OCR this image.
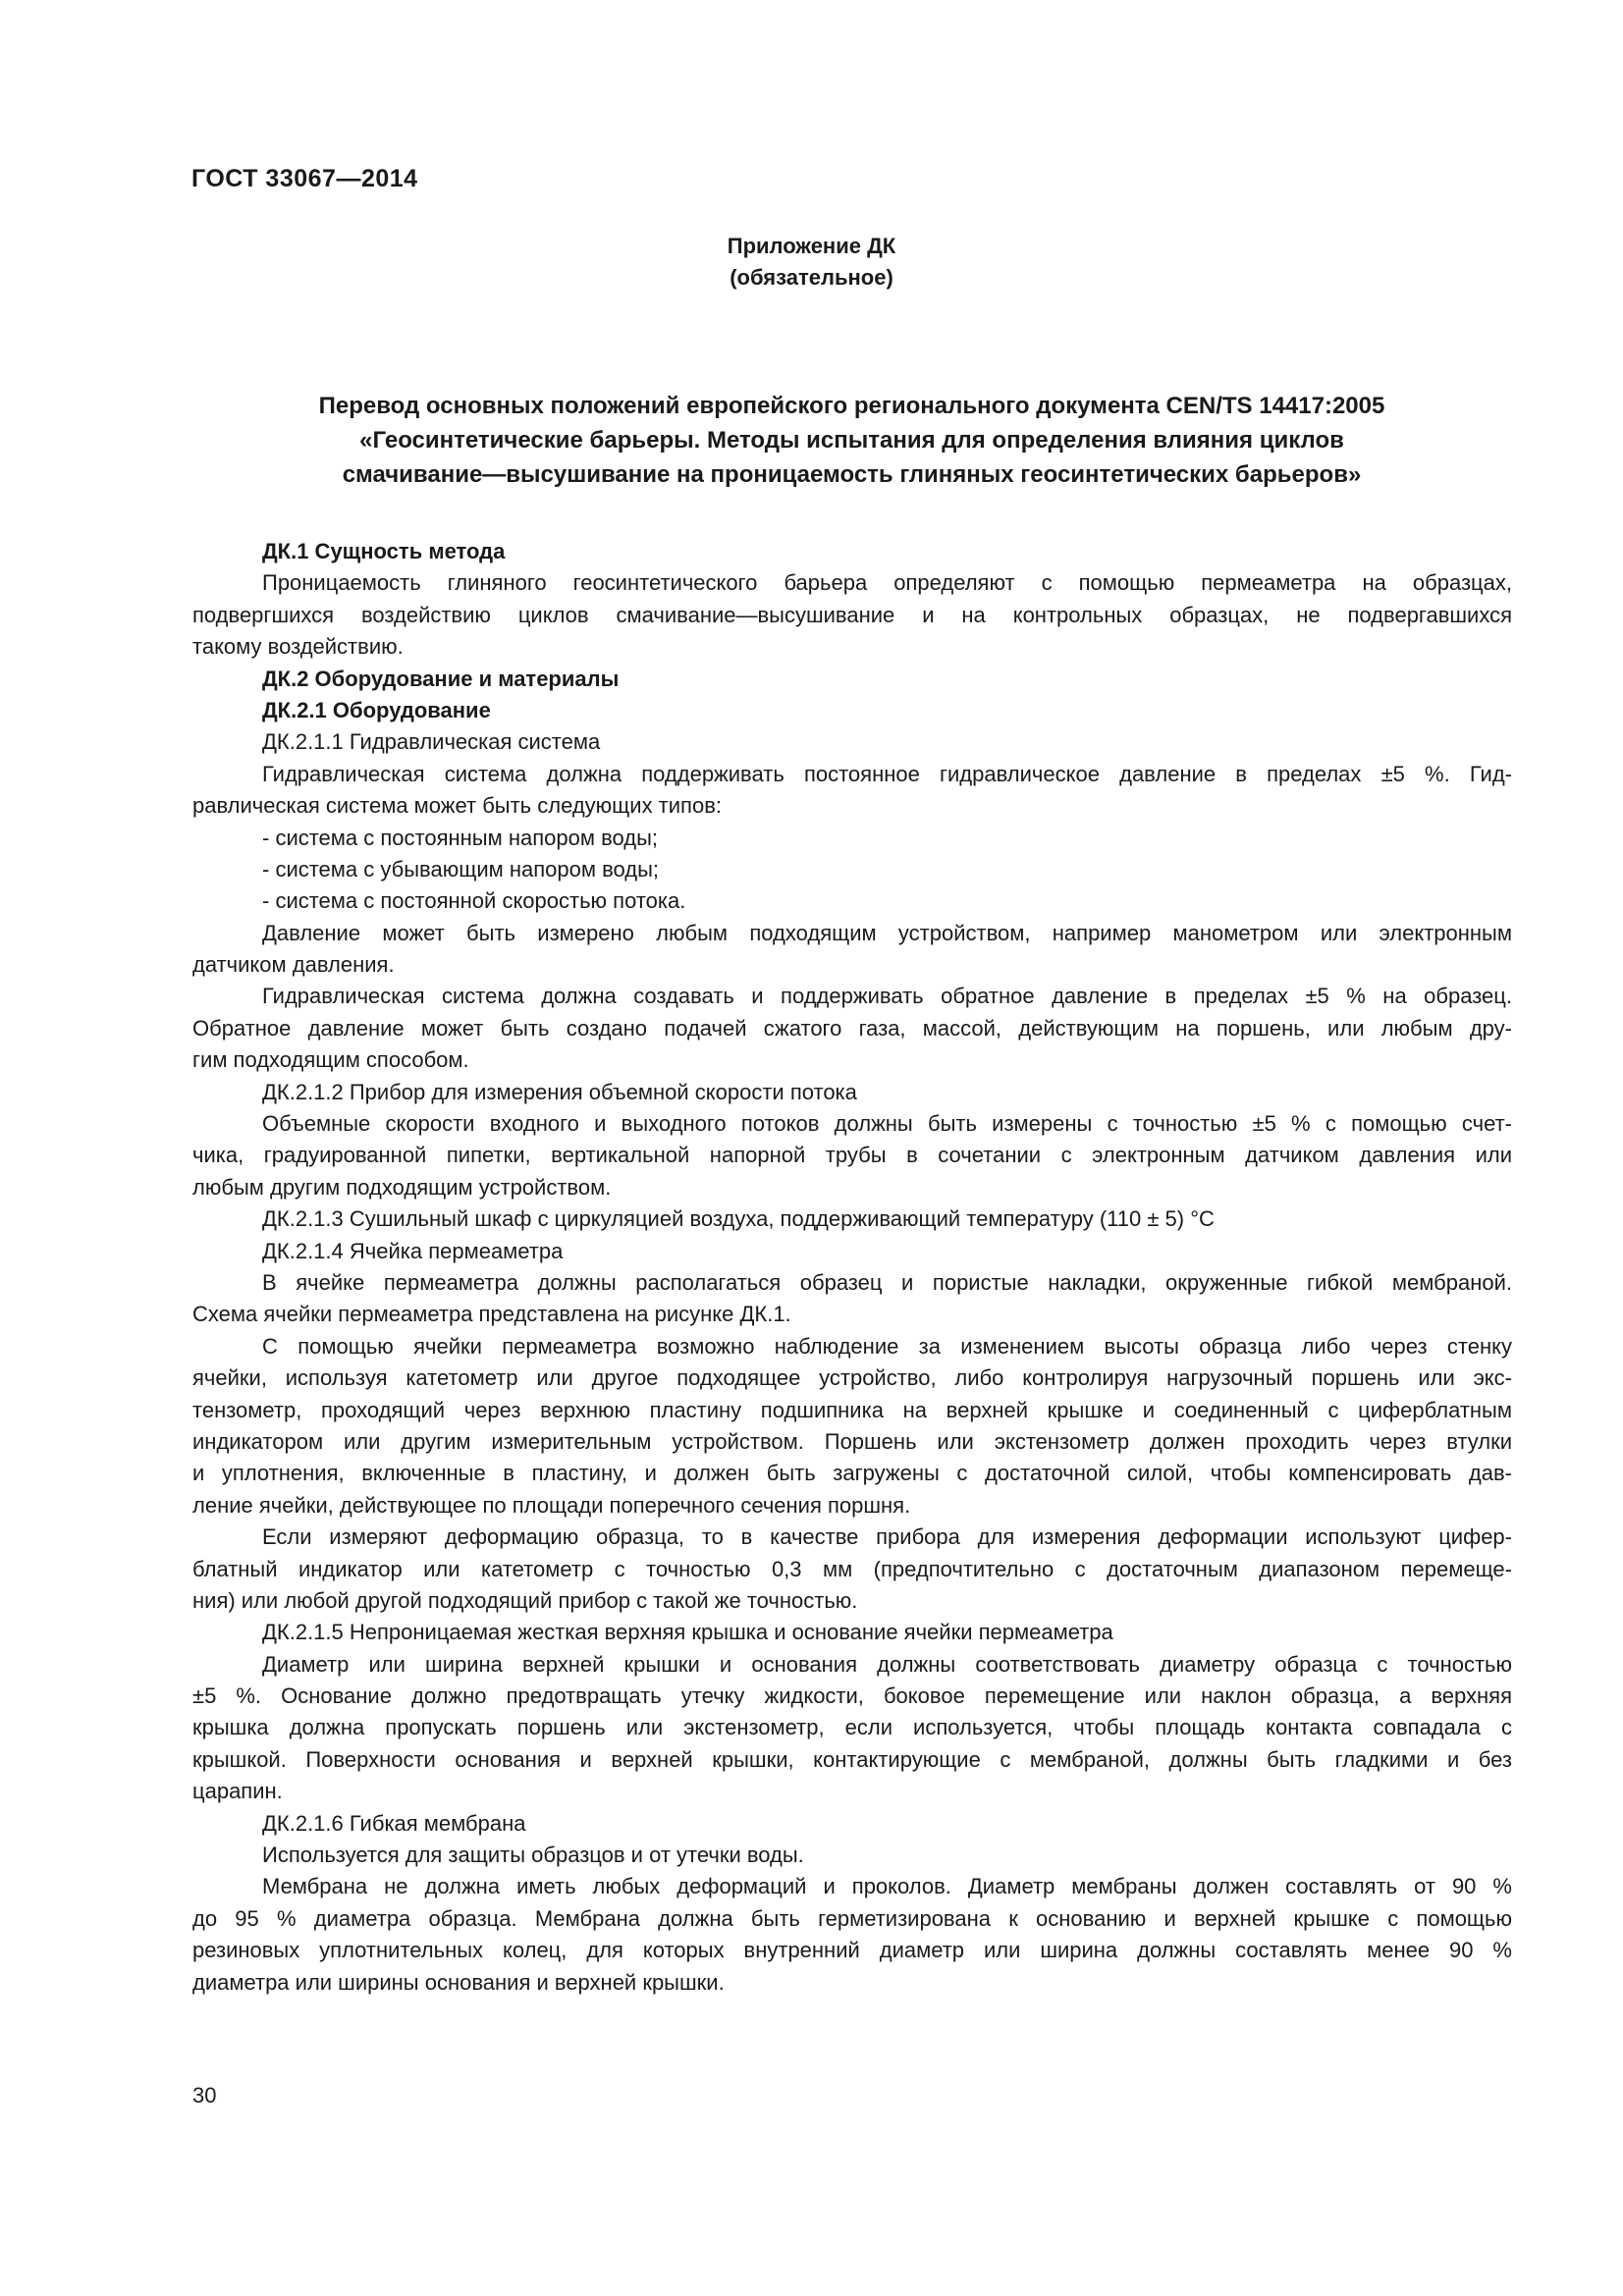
ГОСТ 33067—2014
Приложение ДК
(обязательное)
Перевод основных положений европейского регионального документа CEN/TS 14417:2005
«Геосинтетические барьеры. Методы испытания для определения влияния циклов
смачивание—высушивание на проницаемость глиняных геосинтетических барьеров»
ДК.1 Сущность метода
Проницаемость глиняного геосинтетического барьера определяют с помощью пермеаметра на образцах,
подвергшихся воздействию циклов смачивание—высушивание и на контрольных образцах, не подвергавшихся
такому воздействию.
ДК.2 Оборудование и материалы
ДК.2.1 Оборудование
ДК.2.1.1 Гидравлическая система
Гидравлическая система должна поддерживать постоянное гидравлическое давление в пределах ±5 %. Гид-
равлическая система может быть следующих типов:
- система с постоянным напором воды;
- система с убывающим напором воды;
- система с постоянной скоростью потока.
Давление может быть измерено любым подходящим устройством, например манометром или электронным
датчиком давления.
Гидравлическая система должна создавать и поддерживать обратное давление в пределах ±5 % на образец.
Обратное давление может быть создано подачей сжатого газа, массой, действующим на поршень, или любым дру-
гим подходящим способом.
ДК.2.1.2 Прибор для измерения объемной скорости потока
Объемные скорости входного и выходного потоков должны быть измерены с точностью ±5 % с помощью счет-
чика, градуированной пипетки, вертикальной напорной трубы в сочетании с электронным датчиком давления или
любым другим подходящим устройством.
ДК.2.1.3 Сушильный шкаф с циркуляцией воздуха, поддерживающий температуру (110 ± 5) °С
ДК.2.1.4 Ячейка пермеаметра
В ячейке пермеаметра должны располагаться образец и пористые накладки, окруженные гибкой мембраной.
Схема ячейки пермеаметра представлена на рисунке ДК.1.
С помощью ячейки пермеаметра возможно наблюдение за изменением высоты образца либо через стенку
ячейки, используя катетометр или другое подходящее устройство, либо контролируя нагрузочный поршень или экс-
тензометр, проходящий через верхнюю пластину подшипника на верхней крышке и соединенный с циферблатным
индикатором или другим измерительным устройством. Поршень или экстензометр должен проходить через втулки
и уплотнения, включенные в пластину, и должен быть загружены с достаточной силой, чтобы компенсировать дав-
ление ячейки, действующее по площади поперечного сечения поршня.
Если измеряют деформацию образца, то в качестве прибора для измерения деформации используют цифер-
блатный индикатор или катетометр с точностью 0,3 мм (предпочтительно с достаточным диапазоном перемеще-
ния) или любой другой подходящий прибор с такой же точностью.
ДК.2.1.5 Непроницаемая жесткая верхняя крышка и основание ячейки пермеаметра
Диаметр или ширина верхней крышки и основания должны соответствовать диаметру образца с точностью
±5 %. Основание должно предотвращать утечку жидкости, боковое перемещение или наклон образца, а верхняя
крышка должна пропускать поршень или экстензометр, если используется, чтобы площадь контакта совпадала с
крышкой. Поверхности основания и верхней крышки, контактирующие с мембраной, должны быть гладкими и без
царапин.
ДК.2.1.6 Гибкая мембрана
Используется для защиты образцов и от утечки воды.
Мембрана не должна иметь любых деформаций и проколов. Диаметр мембраны должен составлять от 90 %
до 95 % диаметра образца. Мембрана должна быть герметизирована к основанию и верхней крышке с помощью
резиновых уплотнительных колец, для которых внутренний диаметр или ширина должны составлять менее 90 %
диаметра или ширины основания и верхней крышки.
30
